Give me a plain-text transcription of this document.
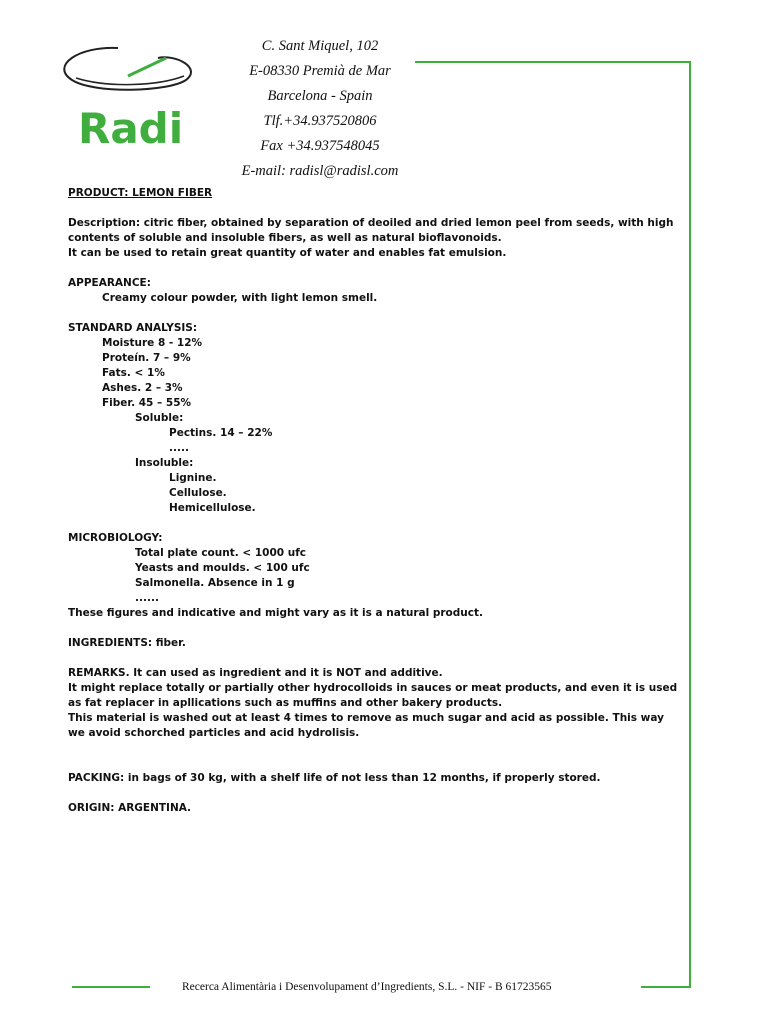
Radi
C. Sant Miquel, 102
E-08330 Premià de Mar
Barcelona - Spain
Tlf.+34.937520806
Fax +34.937548045
E-mail: radisl@radisl.com
PRODUCT: LEMON FIBER
Description: citric fiber, obtained by separation of deoiled and dried lemon peel from seeds, with high
contents of soluble and insoluble fibers, as well as natural bioflavonoids.
It can be used to retain great quantity of water and enables fat emulsion.
APPEARANCE:
Creamy colour powder, with light lemon smell.
STANDARD ANALYSIS:
Moisture 8 - 12%
Proteín. 7 – 9%
Fats. < 1%
Ashes. 2 – 3%
Fiber. 45 – 55%
Soluble:
Pectins. 14 – 22%
.....
Insoluble:
Lignine.
Cellulose.
Hemicellulose.
MICROBIOLOGY:
Total plate count. < 1000 ufc
Yeasts and moulds. < 100 ufc
Salmonella. Absence in 1 g
......
These figures and indicative and might vary as it is a natural product.
INGREDIENTS: fiber.
REMARKS. It can used as ingredient and it is NOT and additive.
It might replace totally or partially other hydrocolloids in sauces or meat products, and even it is used
as fat replacer in apllications such as muffins and other bakery products.
This material is washed out at least 4 times to remove as much sugar and acid as possible. This way
we avoid schorched particles and acid hydrolisis.
PACKING: in bags of 30 kg, with a shelf life of not less than 12 months, if properly stored.
ORIGIN: ARGENTINA.
Recerca Alimentària i Desenvolupament d’Ingredients, S.L. - NIF - B 61723565
